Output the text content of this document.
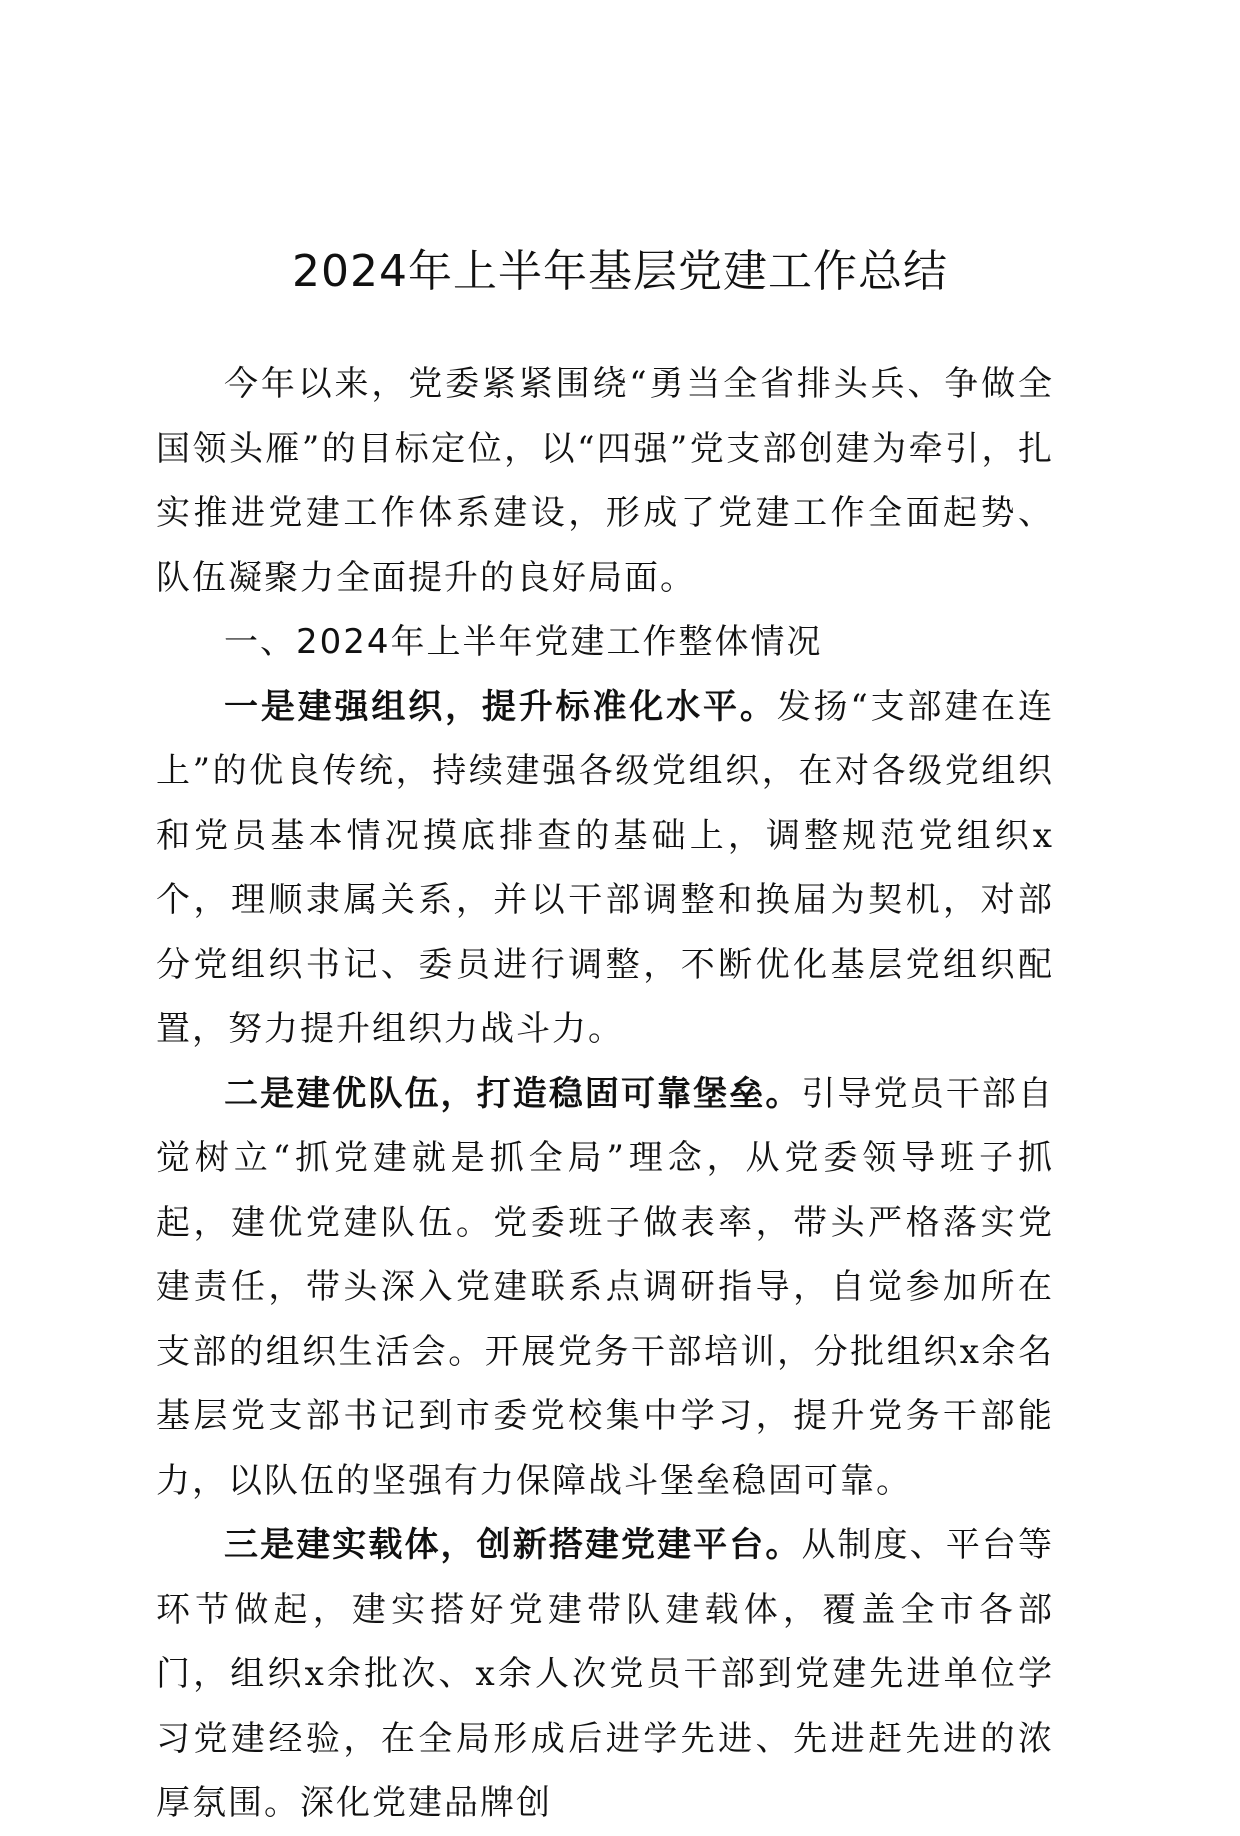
2024年上半年基层党建工作总结

今年以来，党委紧紧围绕“勇当全省排头兵、争做全国领头雁”的目标定位，以“四强”党支部创建为牵引，扎实推进党建工作体系建设，形成了党建工作全面起势、队伍凝聚力全面提升的良好局面。

一、2024年上半年党建工作整体情况

一是建强组织，提升标准化水平。发扬“支部建在连上”的优良传统，持续建强各级党组织，在对各级党组织和党员基本情况摸底排查的基础上，调整规范党组织x个，理顺隶属关系，并以干部调整和换届为契机，对部分党组织书记、委员进行调整，不断优化基层党组织配置，努力提升组织力战斗力。

二是建优队伍，打造稳固可靠堡垒。引导党员干部自觉树立“抓党建就是抓全局”理念，从党委领导班子抓起，建优党建队伍。党委班子做表率，带头严格落实党建责任，带头深入党建联系点调研指导，自觉参加所在支部的组织生活会。开展党务干部培训，分批组织x余名基层党支部书记到市委党校集中学习，提升党务干部能力，以队伍的坚强有力保障战斗堡垒稳固可靠。

三是建实载体，创新搭建党建平台。从制度、平台等环节做起，建实搭好党建带队建载体，覆盖全市各部门，组织x余批次、x余人次党员干部到党建先进单位学习党建经验，在全局形成后进学先进、先进赶先进的浓厚氛围。深化党建品牌创
